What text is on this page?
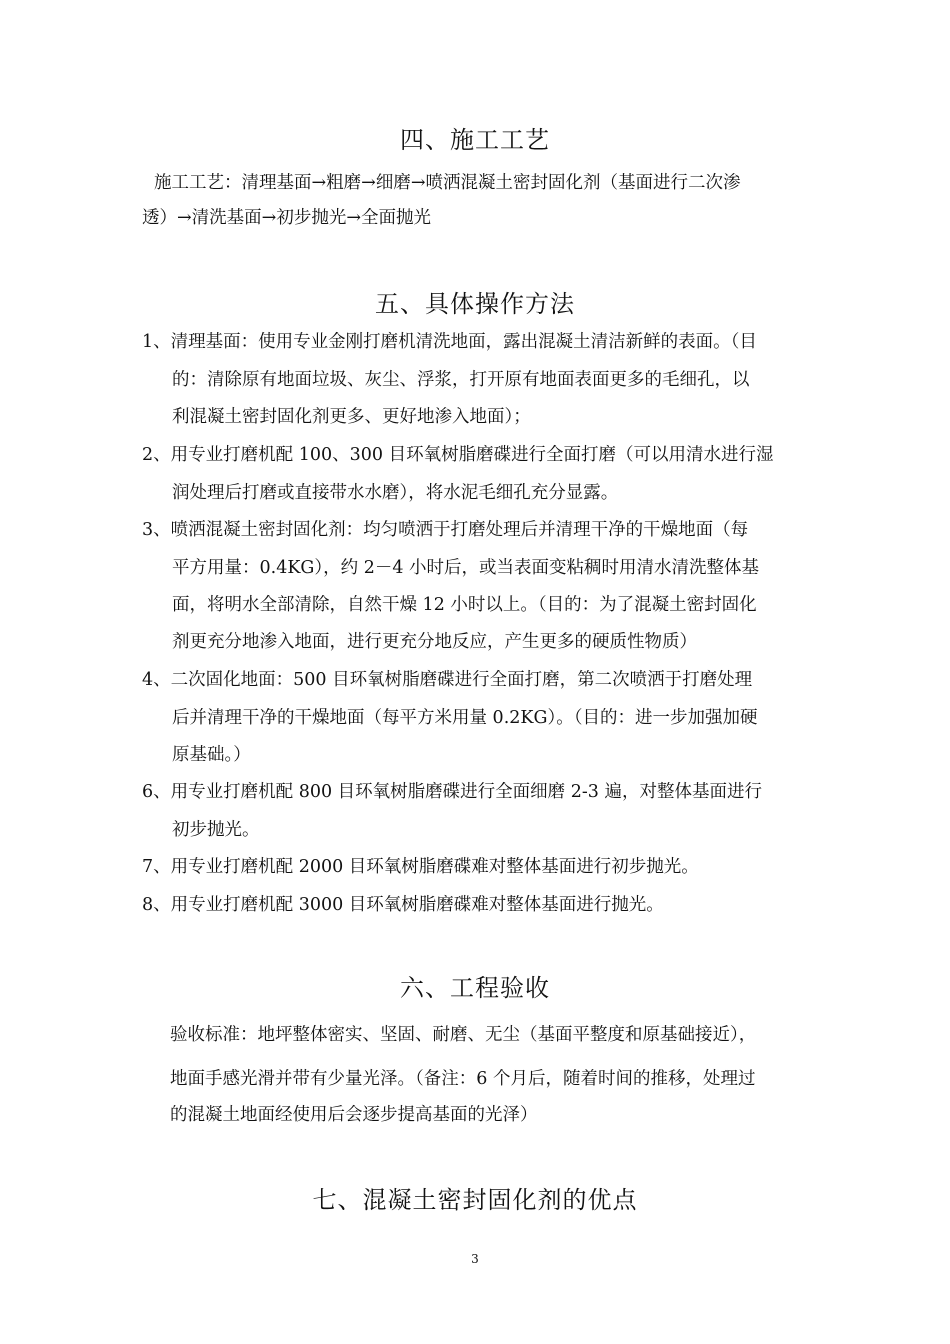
四、施工工艺
施工工艺：清理基面→粗磨→细磨→喷洒混凝土密封固化剂（基面进行二次渗
透）→清洗基面→初步抛光→全面抛光
五、具体操作方法
1、清理基面：使用专业金刚打磨机清洗地面，露出混凝土清洁新鲜的表面。（目
的：清除原有地面垃圾、灰尘、浮浆，打开原有地面表面更多的毛细孔，以
利混凝土密封固化剂更多、更好地渗入地面）；
2、用专业打磨机配 100、300 目环氧树脂磨碟进行全面打磨（可以用清水进行湿
润处理后打磨或直接带水水磨），将水泥毛细孔充分显露。
3、喷洒混凝土密封固化剂：均匀喷洒于打磨处理后并清理干净的干燥地面（每
平方用量：0.4KG），约 2－4 小时后，或当表面变粘稠时用清水清洗整体基
面，将明水全部清除，自然干燥 12 小时以上。（目的：为了混凝土密封固化
剂更充分地渗入地面，进行更充分地反应，产生更多的硬质性物质）
4、二次固化地面：500 目环氧树脂磨碟进行全面打磨，第二次喷洒于打磨处理
后并清理干净的干燥地面（每平方米用量 0.2KG）。（目的：进一步加强加硬
原基础。）
6、用专业打磨机配 800 目环氧树脂磨碟进行全面细磨 2-3 遍，对整体基面进行
初步抛光。
7、用专业打磨机配 2000 目环氧树脂磨碟难对整体基面进行初步抛光。
8、用专业打磨机配 3000 目环氧树脂磨碟难对整体基面进行抛光。
六、工程验收
验收标准：地坪整体密实、坚固、耐磨、无尘（基面平整度和原基础接近），
地面手感光滑并带有少量光泽。（备注：6 个月后，随着时间的推移，处理过
的混凝土地面经使用后会逐步提高基面的光泽）
七、混凝土密封固化剂的优点
3
